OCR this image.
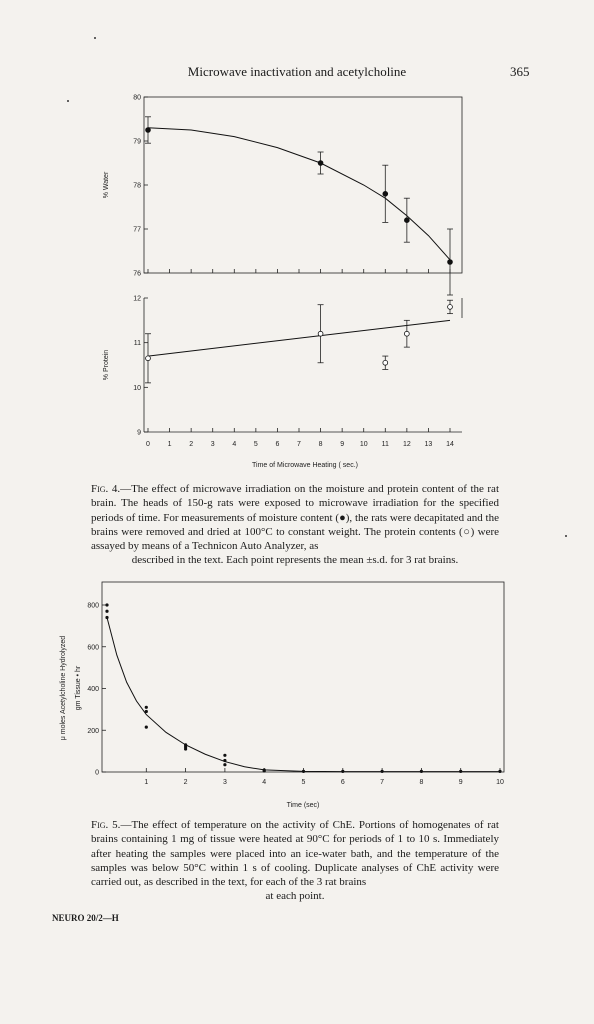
Microwave inactivation and acetylcholine	365
76
77
78
79
80
% Water
9
10
11
12
% Protein
0	1	2	3	4	5	6	7	8	9 10 11 12 13 14
Time of Microwave Heating ( sec.)
0
200
400
600
800
1	2	3	4	5	6	7	8	9	10
μ moles Acetylcholine Hydrolyzed gm Tissue • hr
Time (sec)
Fig. 4.—The effect of microwave irradiation on the moisture and protein content of the rat brain. The heads of 150-g rats were exposed to microwave irradiation for the specified periods of time. For measurements of moisture content (●), the rats were decapitated and the brains were removed and dried at 100°C to constant weight. The protein contents (○) were assayed by means of a Technicon Auto Analyzer, as
described in the text. Each point represents the mean ±s.d. for 3 rat brains.
Fig. 5.—The effect of temperature on the activity of ChE. Portions of homogenates of rat brains containing 1 mg of tissue were heated at 90°C for periods of 1 to 10 s. Immediately after heating the samples were placed into an ice-water bath, and the temperature of the samples was below 50°C within 1 s of cooling. Duplicate analyses of ChE activity were carried out, as described in the text, for each of the 3 rat brains
at each point.
NEURO 20/2—H
